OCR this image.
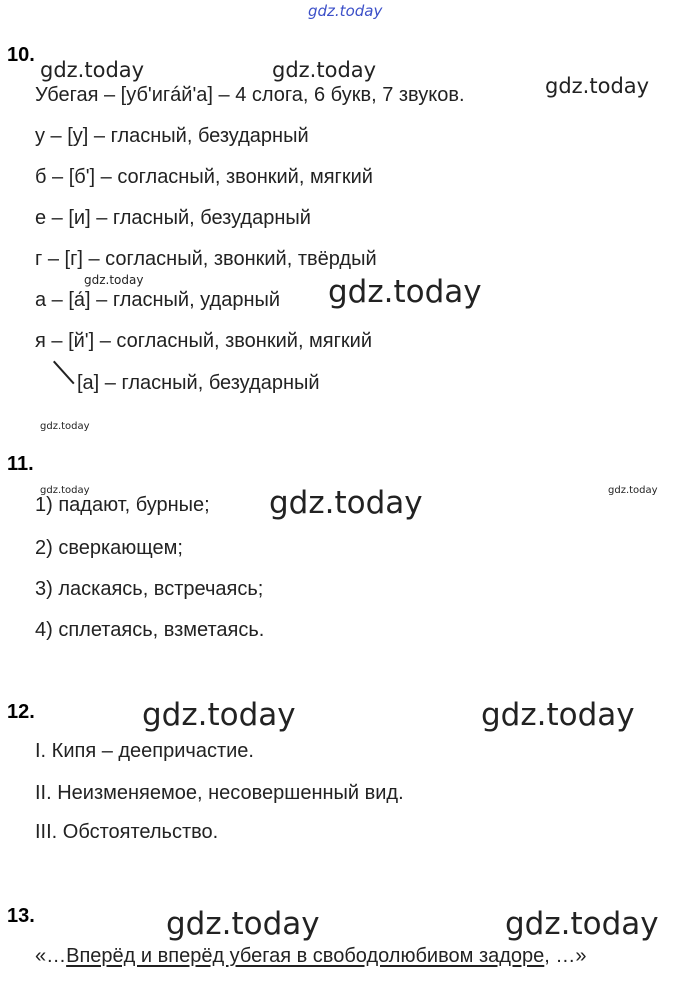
gdz.today
10.
gdz.today	gdz.today
Убегая – [уб'игáй'а] – 4 слога, 6 букв, 7 звуков.	gdz.today
у – [у] – гласный, безударный
б – [б'] – согласный, звонкий, мягкий
е – [и] – гласный, безударный
г – [г] – согласный, звонкий, твёрдый
gdz.today
а – [а́] – гласный, ударный gdz.today
я – [й'] – согласный, звонкий, мягкий
[а] – гласный, безударный
gdz.today
11.
gdz.today	gdz.today
1) падают, бурные; gdz.today
2) сверкающем;
3) ласкаясь, встречаясь;
4) сплетаясь, взметаясь.
12.	gdz.today	gdz.today
I. Кипя – деепричастие.
II. Неизменяемое, несовершенный вид.
III. Обстоятельство.
13.	gdz.today	gdz.today
«…Вперёд и вперёд убегая в свободолюбивом задоре, …»
